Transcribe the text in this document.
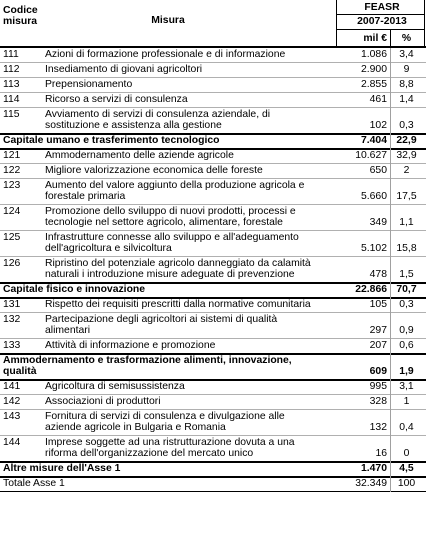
Codice
misura	Misura
FEASR
2007-2013
mil €	%
111	Azioni di formazione professionale e di informazione	1.086	3,4
112 Insediamento di giovani agricoltori	2.900	9
113 Prepensionamento	2.855	8,8
114 Ricorso a servizi di consulenza	461	1,4
115 Avviamento di servizi di consulenza aziendale, di
sostituzione e assistenza alla gestione	102	0,3
Capitale umano e trasferimento tecnologico	7.404 22,9
121 Ammodernamento delle aziende agricole	10.627 32,9
122 Migliore valorizzazione economica delle foreste	650	2
123 Aumento del valore aggiunto della produzione agricola e
forestale primaria	5.660 17,5
124 Promozione dello sviluppo di nuovi prodotti, processi e
tecnologie nel settore agricolo, alimentare, forestale	349	1,1
125 Infrastrutture connesse allo sviluppo e all'adeguamento
dell'agricoltura e silvicoltura	5.102 15,8
126 Ripristino del potenziale agricolo danneggiato da calamità
naturali i introduzione misure adeguate di prevenzione	478	1,5
Capitale fisico e innovazione	22.866 70,7
131 Rispetto dei requisiti prescritti dalla normative comunitaria	105	0,3
132 Partecipazione degli agricoltori ai sistemi di qualità
alimentari	297	0,9
133 Attività di informazione e promozione	207	0,6
Ammodernamento e trasformazione alimenti, innovazione,
qualità	609	1,9
141 Agricoltura di semisussistenza	995	3,1
142 Associazioni di produttori	328	1
143 Fornitura di servizi di consulenza e divulgazione alle
aziende agricole in Bulgaria e Romania	132	0,4
144 Imprese soggette ad una ristrutturazione dovuta a una
riforma dell'organizzazione del mercato unico	16	0
Altre misure dell'Asse 1	1.470	4,5
Totale Asse 1	32.349	100
